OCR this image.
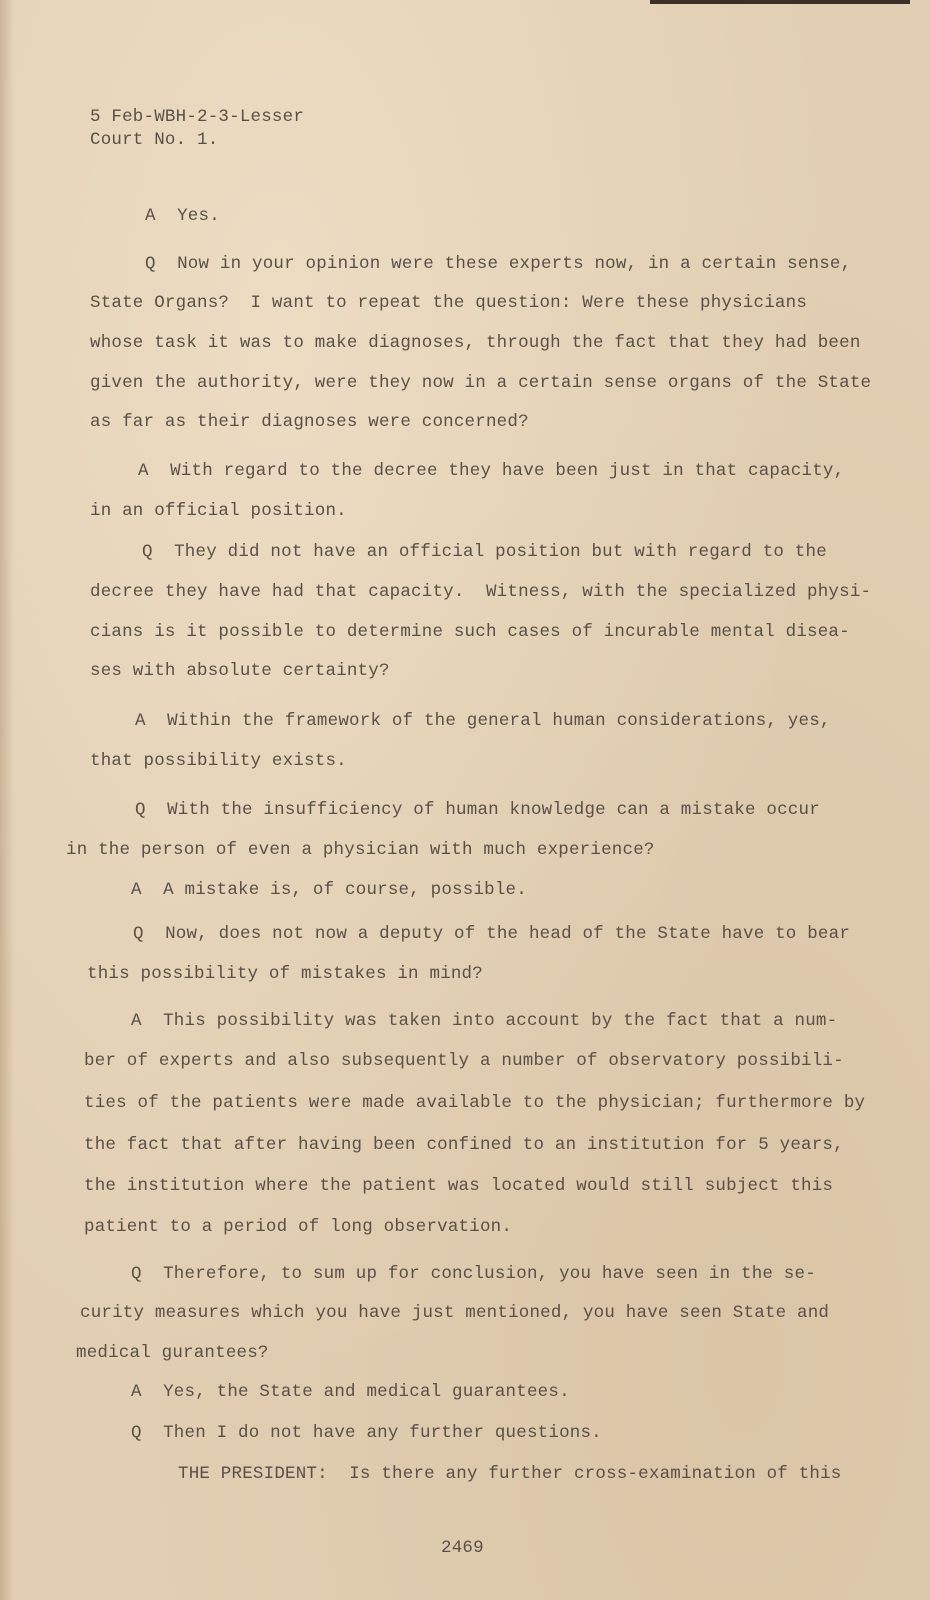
5 Feb-WBH-2-3-Lesser
Court No. 1.
A  Yes.
Q  Now in your opinion were these experts now, in a certain sense,
State Organs?  I want to repeat the question: Were these physicians
whose task it was to make diagnoses, through the fact that they had been
given the authority, were they now in a certain sense organs of the State
as far as their diagnoses were concerned?
A  With regard to the decree they have been just in that capacity,
in an official position.
Q  They did not have an official position but with regard to the
decree they have had that capacity.  Witness, with the specialized physi-
cians is it possible to determine such cases of incurable mental disea-
ses with absolute certainty?
A  Within the framework of the general human considerations, yes,
that possibility exists.
Q  With the insufficiency of human knowledge can a mistake occur
in the person of even a physician with much experience?
A  A mistake is, of course, possible.
Q  Now, does not now a deputy of the head of the State have to bear
this possibility of mistakes in mind?
A  This possibility was taken into account by the fact that a num-
ber of experts and also subsequently a number of observatory possibili-
ties of the patients were made available to the physician; furthermore by
the fact that after having been confined to an institution for 5 years,
the institution where the patient was located would still subject this
patient to a period of long observation.
Q  Therefore, to sum up for conclusion, you have seen in the se-
curity measures which you have just mentioned, you have seen State and
medical gurantees?
A  Yes, the State and medical guarantees.
Q  Then I do not have any further questions.
THE PRESIDENT:  Is there any further cross-examination of this
2469
